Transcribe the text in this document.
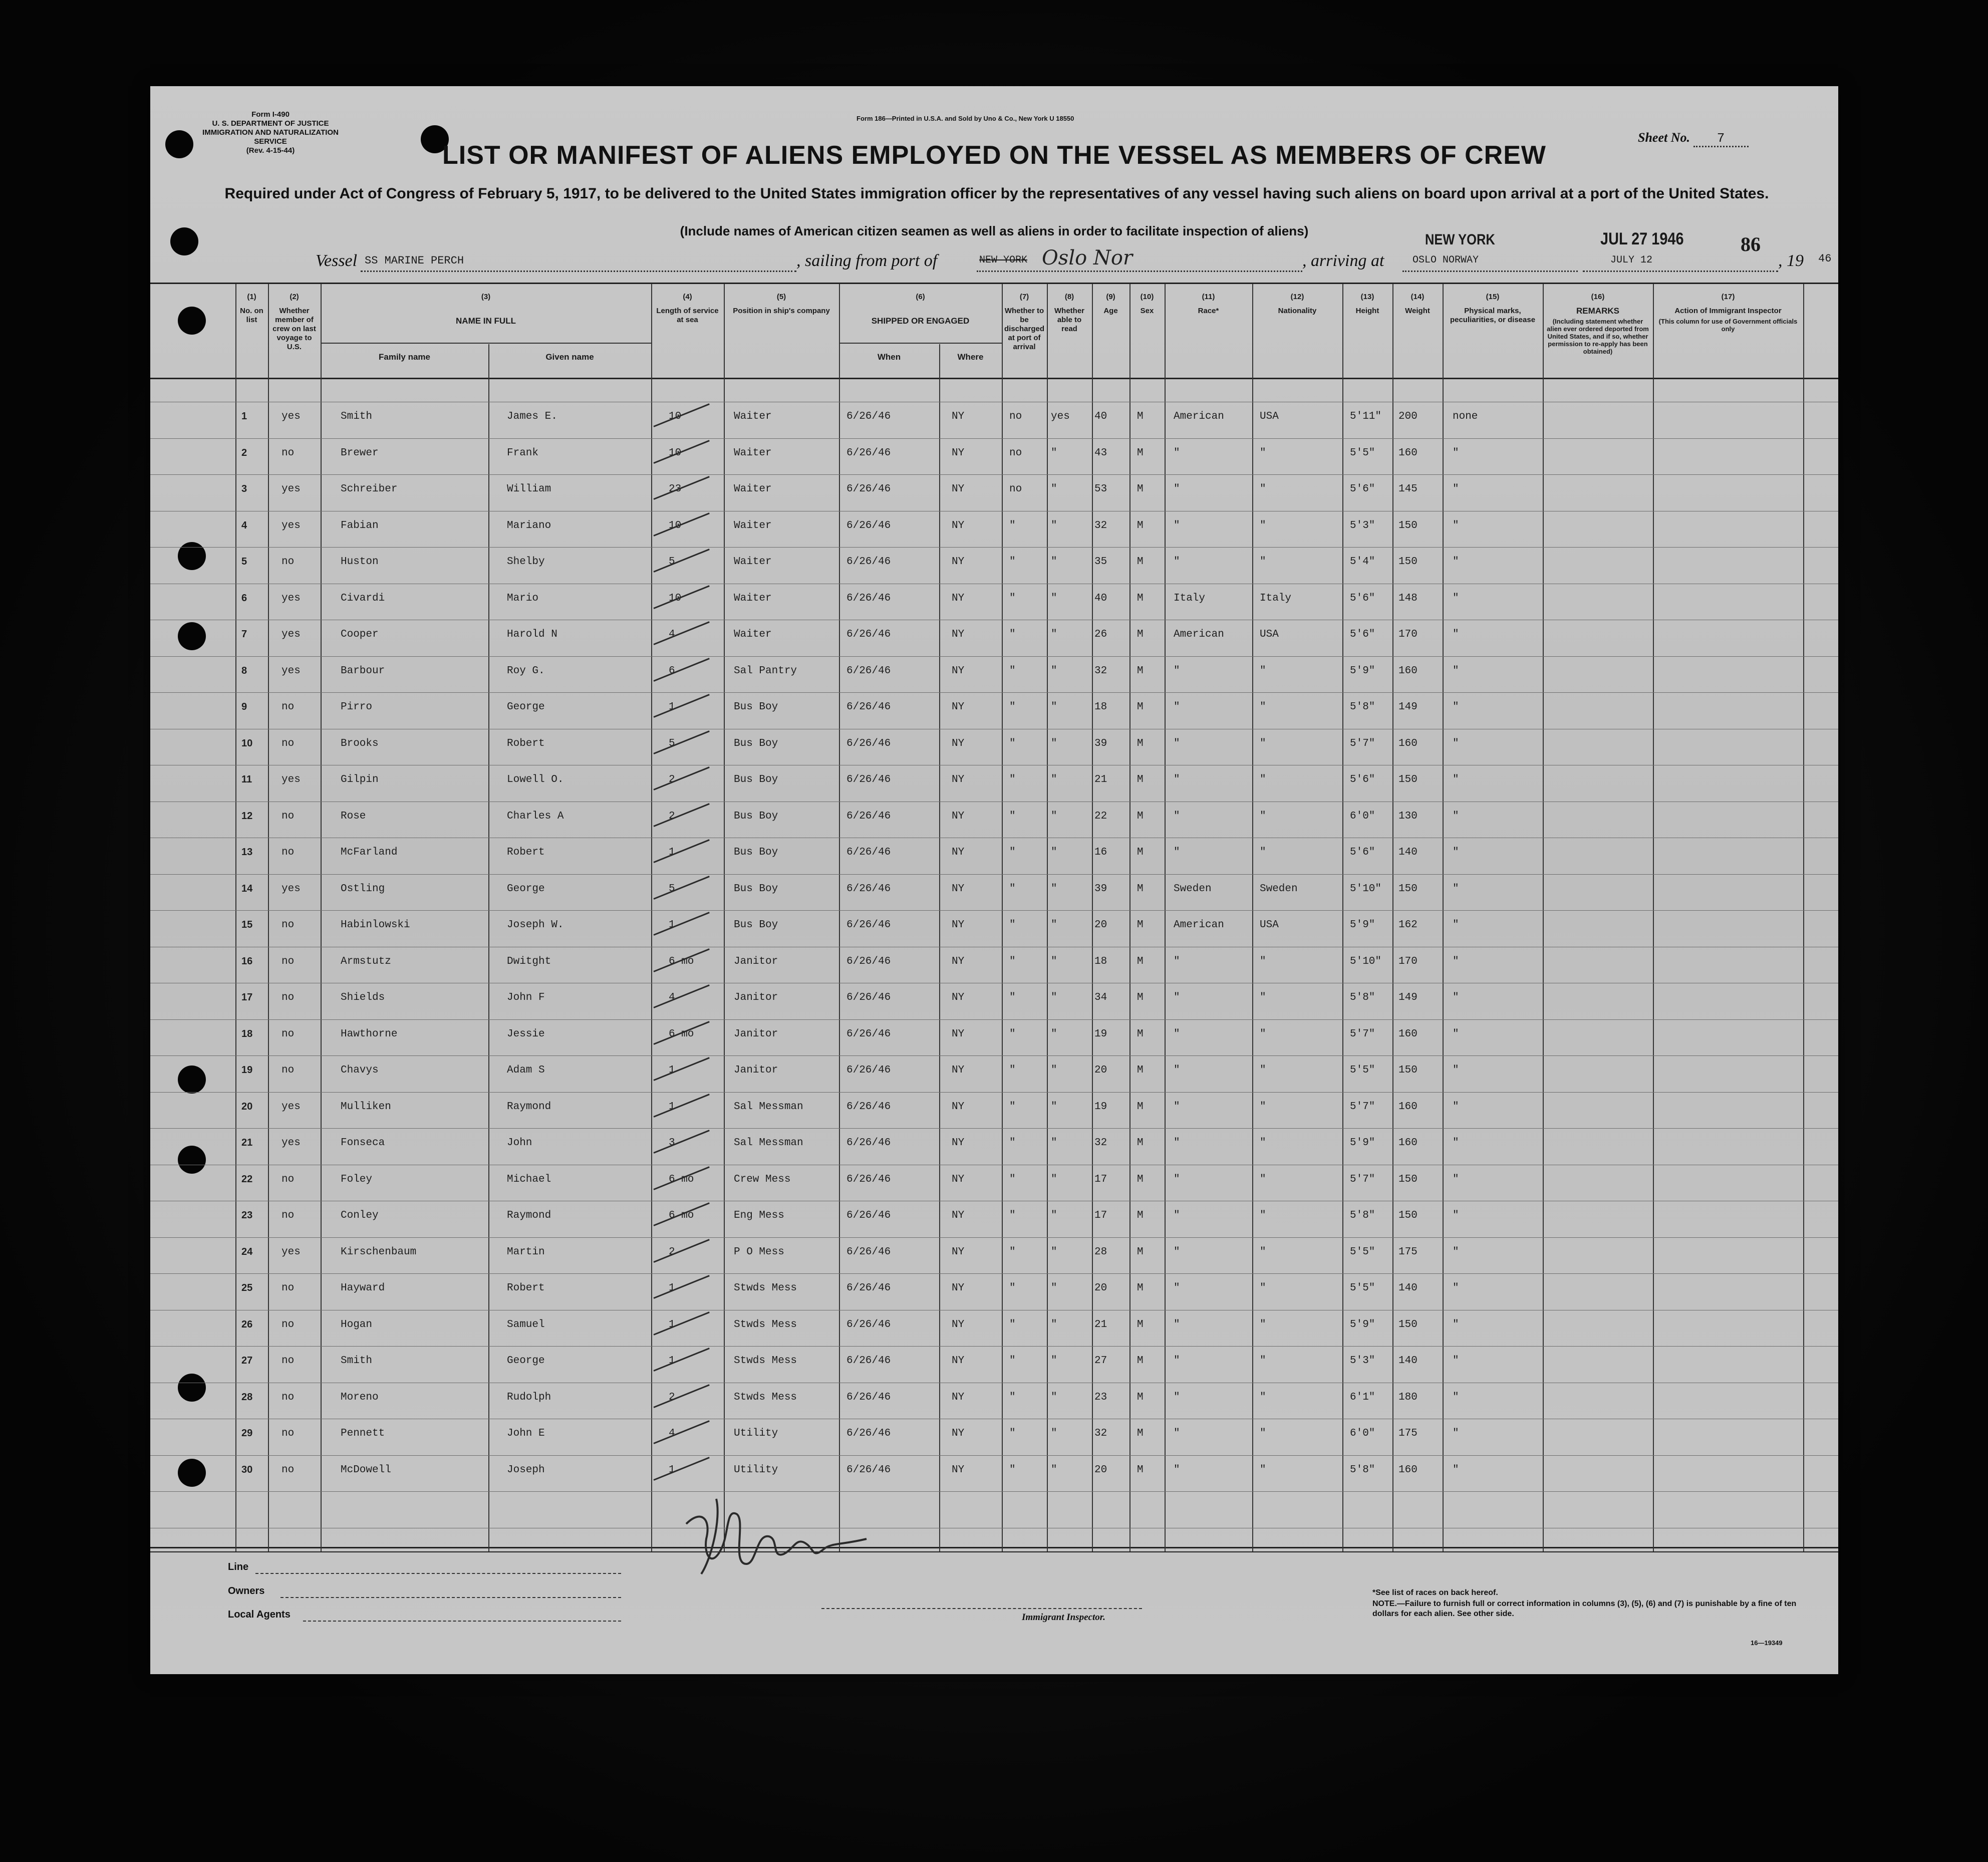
Form I-490
U. S. DEPARTMENT OF JUSTICE
IMMIGRATION AND NATURALIZATION SERVICE
(Rev. 4-15-44)
Form 186—Printed in U.S.A. and Sold by Uno & Co., New York U 18550
Sheet No. 7
LIST OR MANIFEST OF ALIENS EMPLOYED ON THE VESSEL AS MEMBERS OF CREW
Required under Act of Congress of February 5, 1917, to be delivered to the United States immigration officer by the representatives of any vessel having such aliens on board upon arrival at a port of the United States.
(Include names of American citizen seamen as well as aliens in order to facilitate inspection of aliens)
Vessel SS MARINE PERCH	, sailing from port of	NEW YORK Oslo Nor	, arriving at
NEW YORK
OSLO NORWAY
JUL 27 1946
JULY 12	, 19 46
86
(1)
No. on list
(2)
Whether member of crew on last voyage to U.S.
(3)
NAME IN FULL
Family name	Given name
(4)
Length of service at sea
(5)
Position in ship's company
(6)
SHIPPED OR ENGAGED
When	Where
(7)
Whether to be discharged at port of arrival
(8)
Whether able to read
(9)
Age
(10)
Sex
(11)
Race*
(12)
Nationality
(13)
Height
(14)
Weight
(15)
Physical marks, peculiarities, or disease
(16)
REMARKS
(Including statement whether alien ever ordered deported from United States, and if so, whether permission to re-apply has been obtained)
(17)
Action of Immigrant Inspector
(This column for use of Government officials only
1	yes	Smith	James E.	10	Waiter	6/26/46	NY	no	yes 40	M	American	USA	5'11" 200	none
2	no	Brewer	Frank	10	Waiter	6/26/46	NY	no	"	43	M	"	"	5'5" 160	"
3	yes	Schreiber	William	23	Waiter	6/26/46	NY	no	"	53	M	"	"	5'6" 145	"
4	yes	Fabian	Mariano	10	Waiter	6/26/46	NY	"	"	32	M	"	"	5'3" 150	"
5	no	Huston	Shelby	5	Waiter	6/26/46	NY	"	"	35	M	"	"	5'4" 150	"
6	yes	Civardi	Mario	10	Waiter	6/26/46	NY	"	"	40	M	Italy	Italy	5'6" 148	"
7	yes	Cooper	Harold N	4	Waiter	6/26/46	NY	"	"	26	M	American	USA	5'6" 170	"
8	yes	Barbour	Roy G.	6	Sal Pantry	6/26/46	NY	"	"	32	M	"	"	5'9" 160	"
9	no	Pirro	George	1	Bus Boy	6/26/46	NY	"	"	18	M	"	"	5'8" 149	"
10	no	Brooks	Robert	5	Bus Boy	6/26/46	NY	"	"	39	M	"	"	5'7" 160	"
11	yes	Gilpin	Lowell O.	2	Bus Boy	6/26/46	NY	"	"	21	M	"	"	5'6" 150	"
12	no	Rose	Charles A	2	Bus Boy	6/26/46	NY	"	"	22	M	"	"	6'0" 130	"
13	no	McFarland	Robert	1	Bus Boy	6/26/46	NY	"	"	16	M	"	"	5'6" 140	"
14	yes	Ostling	George	5	Bus Boy	6/26/46	NY	"	"	39	M	Sweden	Sweden	5'10" 150	"
15	no	Habinlowski	Joseph W.	1	Bus Boy	6/26/46	NY	"	"	20	M	American	USA	5'9" 162	"
16	no	Armstutz	Dwitght	6 mo	Janitor	6/26/46	NY	"	"	18	M	"	"	5'10" 170	"
17	no	Shields	John F	4	Janitor	6/26/46	NY	"	"	34	M	"	"	5'8" 149	"
18	no	Hawthorne	Jessie	6 mo	Janitor	6/26/46	NY	"	"	19	M	"	"	5'7" 160	"
19	no	Chavys	Adam S	1	Janitor	6/26/46	NY	"	"	20	M	"	"	5'5" 150	"
20	yes	Mulliken	Raymond	1	Sal Messman	6/26/46	NY	"	"	19	M	"	"	5'7" 160	"
21	yes	Fonseca	John	3	Sal Messman	6/26/46	NY	"	"	32	M	"	"	5'9" 160	"
22	no	Foley	Michael	6 mo	Crew Mess	6/26/46	NY	"	"	17	M	"	"	5'7" 150	"
23	no	Conley	Raymond	6 mo	Eng Mess	6/26/46	NY	"	"	17	M	"	"	5'8" 150	"
24	yes	Kirschenbaum	Martin	2	P O Mess	6/26/46	NY	"	"	28	M	"	"	5'5" 175	"
25	no	Hayward	Robert	1	Stwds Mess	6/26/46	NY	"	"	20	M	"	"	5'5" 140	"
26	no	Hogan	Samuel	1	Stwds Mess	6/26/46	NY	"	"	21	M	"	"	5'9" 150	"
27	no	Smith	George	1	Stwds Mess	6/26/46	NY	"	"	27	M	"	"	5'3" 140	"
28	no	Moreno	Rudolph	2	Stwds Mess	6/26/46	NY	"	"	23	M	"	"	6'1" 180	"
29	no	Pennett	John E	4	Utility	6/26/46	NY	"	"	32	M	"	"	6'0" 175	"
30	no	McDowell	Joseph	1	Utility	6/26/46	NY	"	"	20	M	"	"	5'8" 160	"
Line
Owners
Local Agents	Immigrant Inspector.
*See list of races on back hereof.
NOTE.—Failure to furnish full or correct information in columns (3), (5), (6) and (7) is punishable by a fine of ten dollars for each alien. See other side.
16—19349
